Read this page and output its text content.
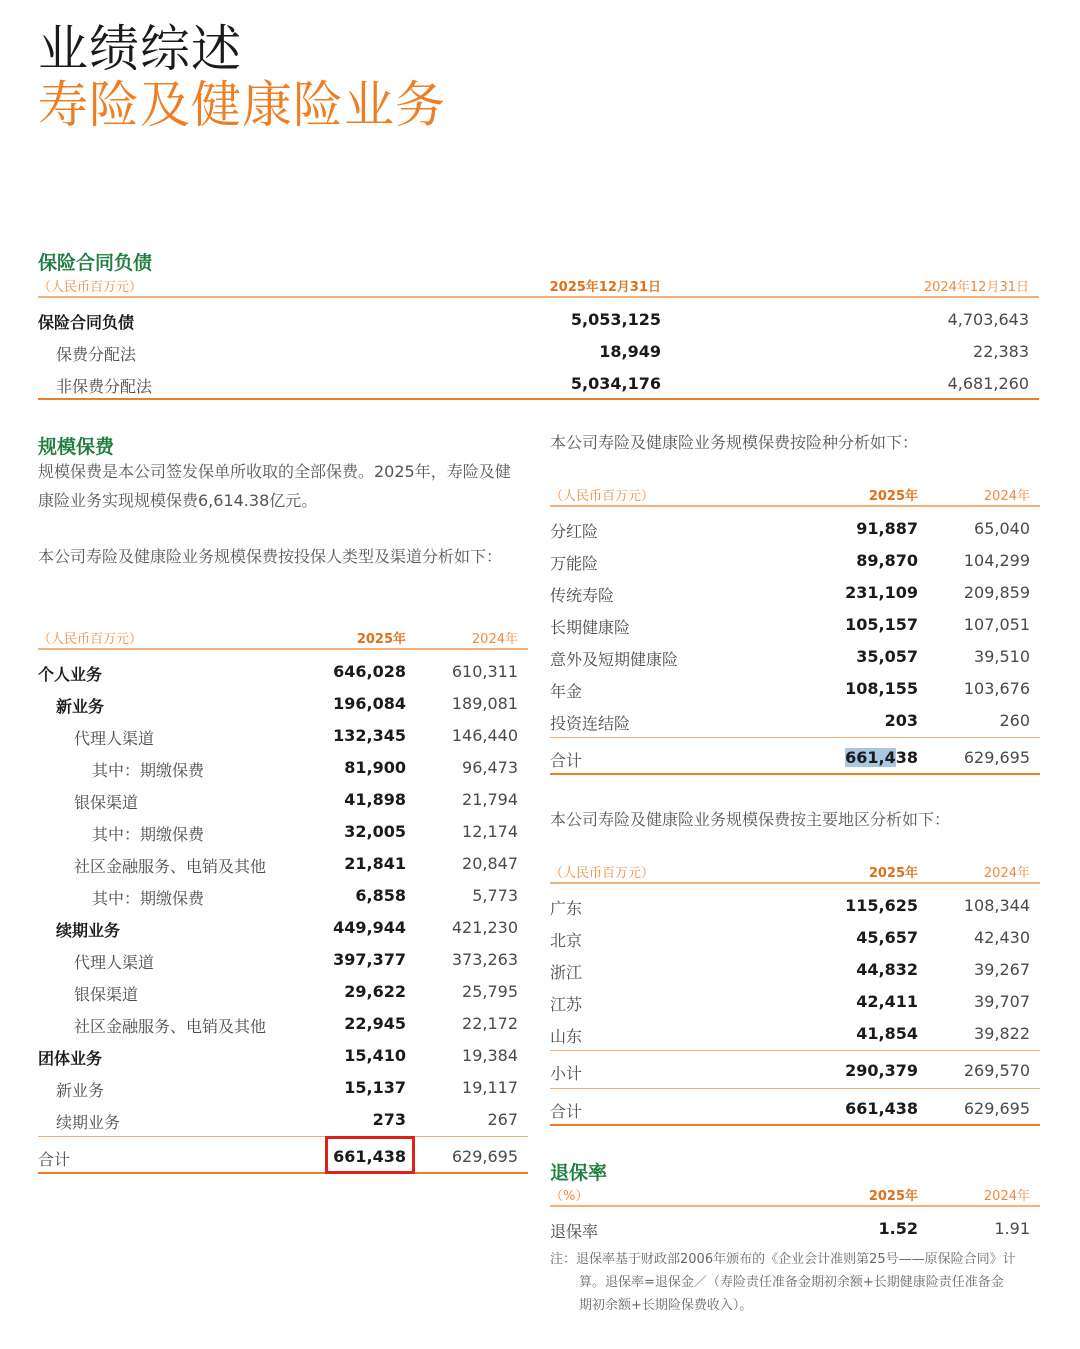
业绩综述
寿险及健康险业务
保险合同负债
（人民币百万元）	2025年12月31日	2024年12月31日
保险合同负债	5,053,125	4,703,643
保费分配法	18,949	22,383
非保费分配法	5,034,176	4,681,260
规模保费
规模保费是本公司签发保单所收取的全部保费。2025年，寿险及健康险业务实现规模保费6,614.38亿元。
本公司寿险及健康险业务规模保费按投保人类型及渠道分析如下：
（人民币百万元）	2025年	2024年
个人业务	646,028	610,311
新业务	196,084	189,081
代理人渠道	132,345	146,440
其中：期缴保费	81,900	96,473
银保渠道	41,898	21,794
其中：期缴保费	32,005	12,174
社区金融服务、电销及其他	21,841	20,847
其中：期缴保费	6,858	5,773
续期业务	449,944	421,230
代理人渠道	397,377	373,263
银保渠道	29,622	25,795
社区金融服务、电销及其他	22,945	22,172
团体业务	15,410	19,384
新业务	15,137	19,117
续期业务	273	267
合计	661,438	629,695
本公司寿险及健康险业务规模保费按险种分析如下：
（人民币百万元）	2025年	2024年
分红险	91,887	65,040
万能险	89,870	104,299
传统寿险	231,109	209,859
长期健康险	105,157	107,051
意外及短期健康险	35,057	39,510
年金	108,155	103,676
投资连结险	203	260
合计	661,438	629,695
本公司寿险及健康险业务规模保费按主要地区分析如下：
（人民币百万元）	2025年	2024年
广东	115,625	108,344
北京	45,657	42,430
浙江	44,832	39,267
江苏	42,411	39,707
山东	41,854	39,822
小计	290,379	269,570
合计	661,438	629,695
退保率
（%）	2025年	2024年
退保率	1.52	1.91
注：退保率基于财政部2006年颁布的《企业会计准则第25号——原保险合同》计
算。退保率=退保金／（寿险责任准备金期初余额+长期健康险责任准备金
期初余额+长期险保费收入）。
